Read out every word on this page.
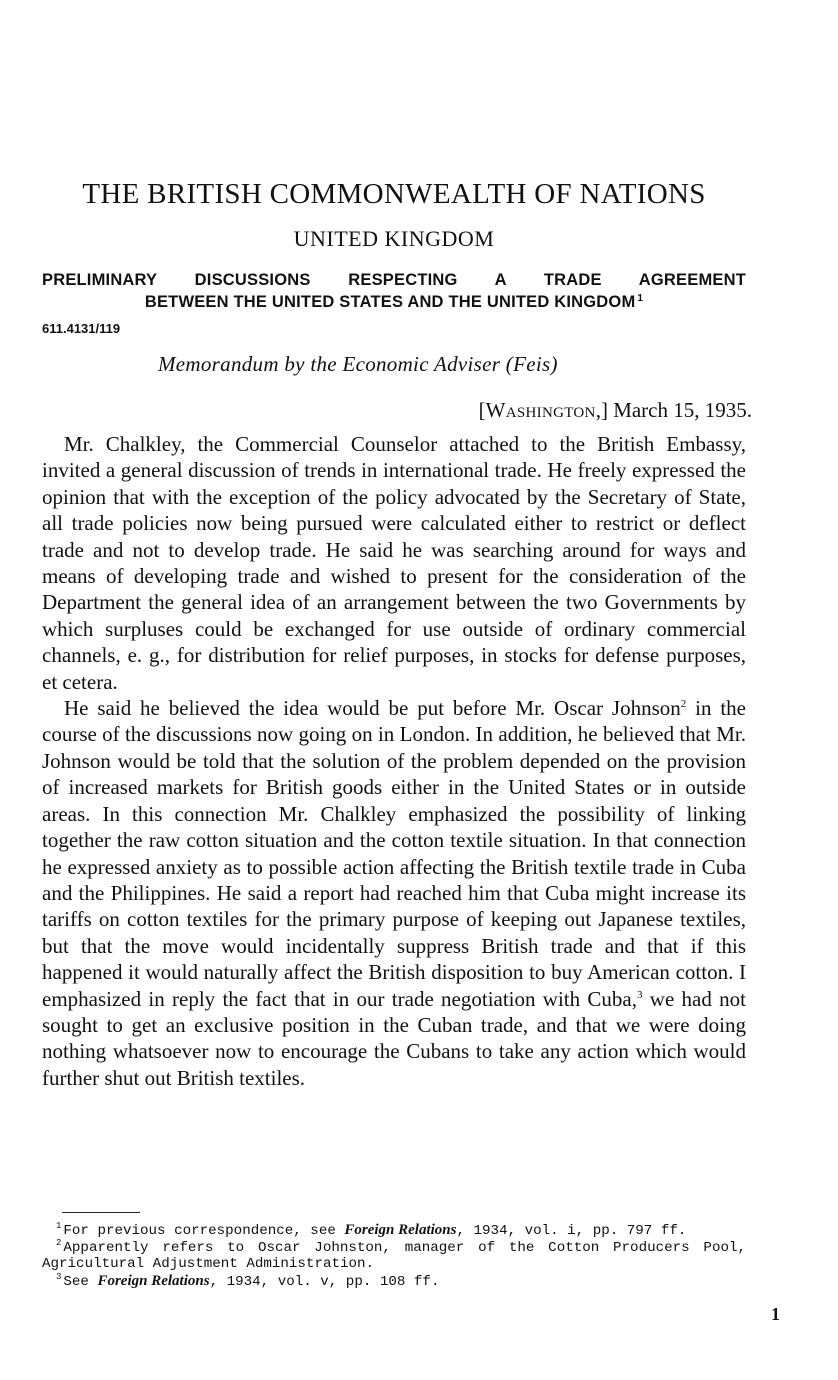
THE BRITISH COMMONWEALTH OF NATIONS
UNITED KINGDOM
PRELIMINARY DISCUSSIONS RESPECTING A TRADE AGREEMENT
BETWEEN THE UNITED STATES AND THE UNITED KINGDOM $^1$
611.4131/119
Memorandum by the Economic Adviser (Feis)
[Washington,] March 15, 1935.

Mr. Chalkley, the Commercial Counselor attached to the British Embassy, invited a general discussion of trends in international trade. He freely expressed the opinion that with the exception of the policy advocated by the Secretary of State, all trade policies now being pursued were calculated either to restrict or deflect trade and not to develop trade. He said he was searching around for ways and means of developing trade and wished to present for the consideration of the Department the general idea of an arrangement between the two Governments by which surpluses could be exchanged for use outside of ordinary commercial channels, e. g., for distribution for relief purposes, in stocks for defense purposes, et cetera.

He said he believed the idea would be put before Mr. Oscar Johnson$^2$ in the course of the discussions now going on in London. In addition, he believed that Mr. Johnson would be told that the solution of the problem depended on the provision of increased markets for British goods either in the United States or in outside areas. In this connection Mr. Chalkley emphasized the possibility of linking together the raw cotton situation and the cotton textile situation. In that connection he expressed anxiety as to possible action affecting the British textile trade in Cuba and the Philippines. He said a report had reached him that Cuba might increase its tariffs on cotton textiles for the primary purpose of keeping out Japanese textiles, but that the move would incidentally suppress British trade and that if this happened it would naturally affect the British disposition to buy American cotton. I emphasized in reply the fact that in our trade negotiation with Cuba,$^3$ we had not sought to get an exclusive position in the Cuban trade, and that we were doing nothing whatsoever now to encourage the Cubans to take any action which would further shut out British textiles.

$^1$ For previous correspondence, see Foreign Relations, 1934, vol. i, pp. 797 ff.

$^2$ Apparently refers to Oscar Johnston, manager of the Cotton Producers Pool, Agricultural Adjustment Administration.

$^3$ See Foreign Relations, 1934, vol. v, pp. 108 ff.

1
